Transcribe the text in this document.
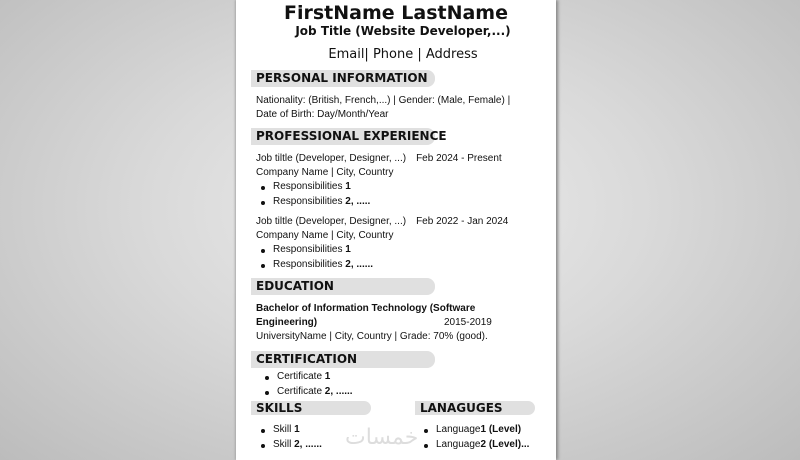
FirstName LastName
Job Title (Website Developer,...)
Email| Phone | Address
PERSONAL INFORMATION
Nationality: (British, French,...) | Gender: (Male, Female) |
Date of Birth: Day/Month/Year
PROFESSIONAL EXPERIENCE
Job tiltle (Developer, Designer, ...) Feb 2024 - Present
Company Name | City, Country
Responsibilities 1
Responsibilities 2, .....
Job tiltle (Developer, Designer, ...) Feb 2022 - Jan 2024
Company Name | City, Country
Responsibilities 1
Responsibilities 2, ......
EDUCATION
Bachelor of Information Technology (Software
Engineering)	2015-2019
UniversityName | City, Country | Grade: 70% (good).
CERTIFICATION
Certificate 1
Certificate 2, ......
SKILLS
Skill 1
Skill 2, ......
LANAGUGES
Language1 (Level)
Language2 (Level)...
خمسات
